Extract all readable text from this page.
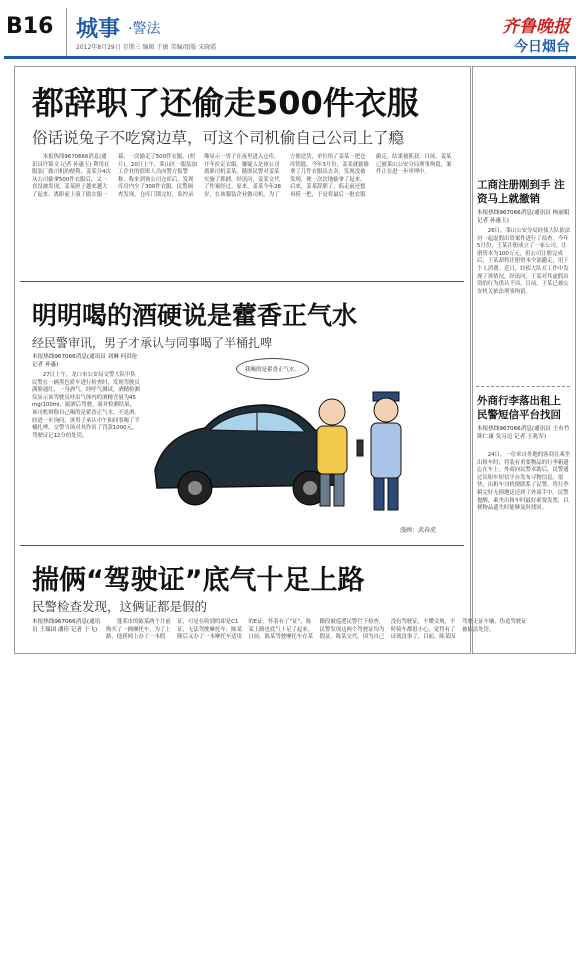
B16 城事 ·警法
2012年8月29日 星期三 编辑 王敏 美编/组版 宋晓霞
齐鲁晚报
今日烟台
都辞职了还偷走500件衣服
俗话说兔子不吃窝边草，可这个司机偷自己公司上了瘾
本报热线9670666消息(通讯员许锦文 记者 孙惠玉) 利用在服装厂做司机的便利，姜某分4次从公司偷拿500件衣服后，又一直没被发现，姜某胆子越来越大了起来。离职前上演了偷衣服一幕，一次偷走了500件衣服。(照片)。20日上午，莱山区一服装加工企业的值班人员向警方报警称，称来到该公司仓库后，发现库房内少了300件衣服。民警调查发现，仓库门锁完好，监控录像显示一男子在夜里进入仓库，开车拉走衣服。嫌疑人是该公司离职司机姜某。随即民警对姜某实施了抓捕。经讯问，姜某交代了作案经过。原来，姜某今年28岁，在该服装企业做司机，为了方便送货，单位给了姜某一把仓库钥匙。今年3月份，姜某就偷偷拿了几件衣服出去卖，发现没被发现，便一次次地偷拿了起来。后来，姜某辞职了，临走前还想再捞一把，于是将最后一批衣服偷走，结果被抓获。目前，姜某已被莱山公安分局刑事拘留，案件正在进一步审理中。
明明喝的酒硬说是藿香正气水
经民警审讯，男子才承认与同事喝了半桶扎啤
本报热线967066消息(通讯员 刘琳 何洪伦 记者 孙惠)
27日上午，龙口市公安局交警大队中队民警在一辆黑色轿车进行检查时，发现驾驶员满脸通红，一身酒气。经呼气测试，酒精检测仪显示该驾驶员呼出气体内的酒精含量为45mg/100ml，属酒后驾驶。面对检测结果，该司机辩称自己喝的是藿香正气水，不是酒。经进一步询问，该男子承认中午和同事喝了半桶扎啤，交警当场对其作出了罚款1000元，驾驶证记12分的处罚。
我喝的是藿香正气水。
漫画：武春虎
揣俩“驾驶证”底气十足上路
民警检查发现，这俩证都是假的
本报热线967066消息(通讯员 王瑞国 潘佳 记者 于飞)
蓬莱市的陈某两个月前购买了一辆摩托车，为了上路，他到网上办了一本假证，可是在收到的却是C1证，无法驾驶摩托车。陈某随后又办了一本摩托车适用的E证。怀着有了“证”，陈某上路也底气十足了起来。日前，陈某驾驶摩托车在某路段被巡逻民警拦下检查，民警发现这两个驾驶证均为假证。陈某交代，因为自己没有驾驶证，不懂交规，平时骑车都很小心，觉得有了证就没事了。目前，陈某因驾驶无证车辆、伪造驾驶证被依法处罚。
工商注册刚到手 注资马上就撤销
本报热线967066消息(通讯员 杨丽娟 记者 孙惠玉)
26日，莱山公安分局经侦大队依法对一起虚假出资案件进行了侦查。今年5月份，王某注册成立了一家公司，注册资本为100万元，但公司注册完成后，王某却将注册资本全部撤走，用于个人消费。近日，经侦大队在工作中发现了该情况，经讯问，王某对其虚假出资的行为供认不讳。目前，王某已被公安机关依法刑事拘留。
外商行李落出租上 民警短信平台找回
本报热线967066消息(通讯员 王有竹 韩仁康 戈习迈 记者 王兆军)
24日，一位来自外地的客商在乘坐出租车时，将装有重要物品的行李箱遗忘在车上。外商向民警求助后，民警通过出租车短信平台发布寻物信息。很快，出租车司机便联系了民警，将行李箱完好无损地送还到了外商手中。民警提醒，乘坐出租车时最好索要发票，以便物品遗失时能够及时找回。
